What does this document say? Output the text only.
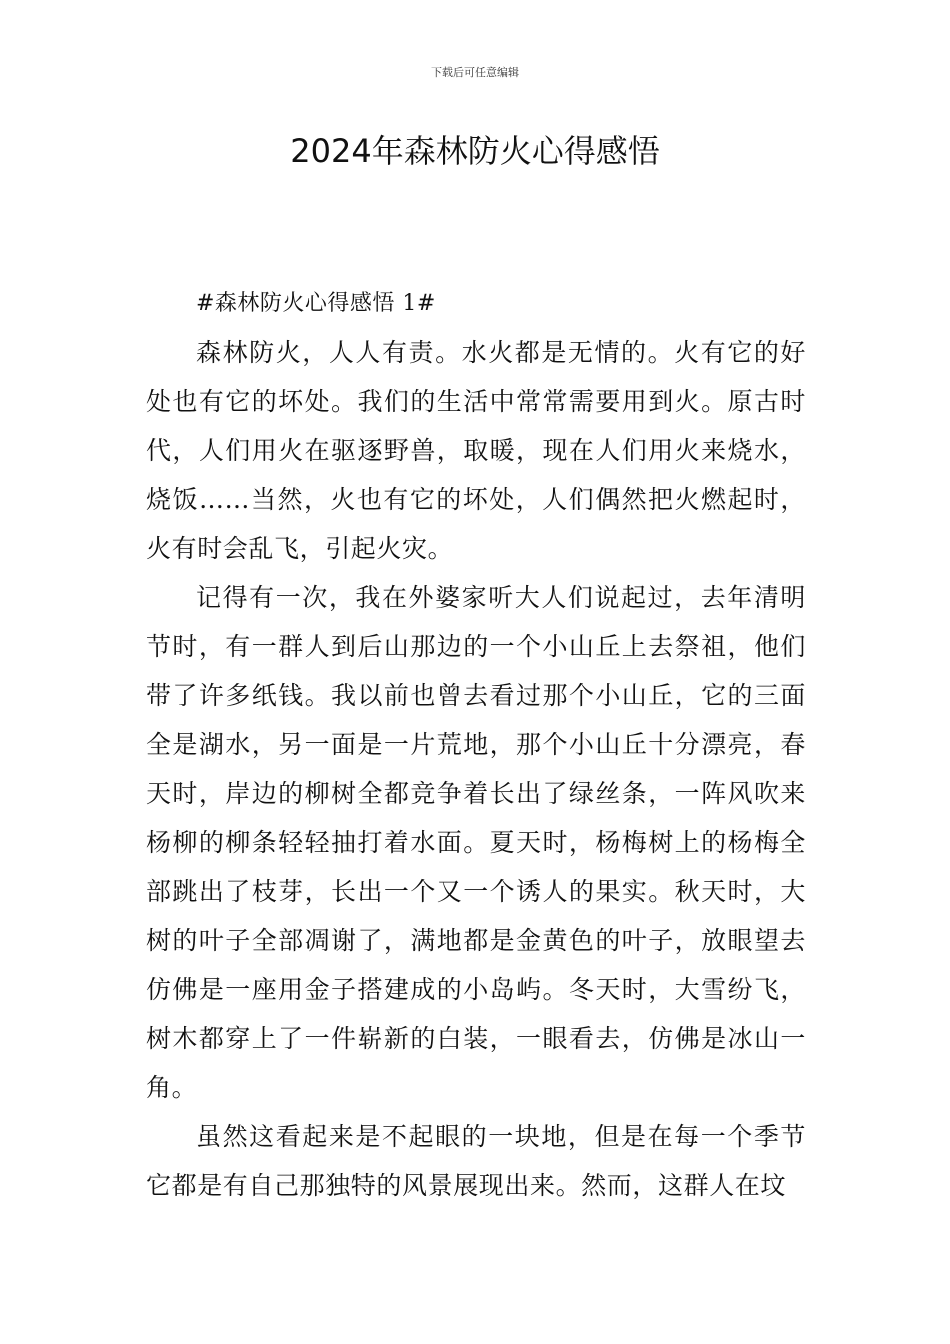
下载后可任意编辑
2024年森林防火心得感悟

#森林防火心得感悟 1#

森林防火，人人有责。水火都是无情的。火有它的好处也有它的坏处。我们的生活中常常需要用到火。原古时代，人们用火在驱逐野兽，取暖，现在人们用火来烧水，烧饭……当然，火也有它的坏处，人们偶然把火燃起时，火有时会乱飞，引起火灾。

记得有一次，我在外婆家听大人们说起过，去年清明节时，有一群人到后山那边的一个小山丘上去祭祖，他们带了许多纸钱。我以前也曾去看过那个小山丘，它的三面全是湖水，另一面是一片荒地，那个小山丘十分漂亮，春天时，岸边的柳树全都竞争着长出了绿丝条，一阵风吹来杨柳的柳条轻轻抽打着水面。夏天时，杨梅树上的杨梅全部跳出了枝芽，长出一个又一个诱人的果实。秋天时，大树的叶子全部凋谢了，满地都是金黄色的叶子，放眼望去仿佛是一座用金子搭建成的小岛屿。冬天时，大雪纷飞，树木都穿上了一件崭新的白装，一眼看去，仿佛是冰山一角。

虽然这看起来是不起眼的一块地，但是在每一个季节它都是有自己那独特的风景展现出来。然而，这群人在坟
